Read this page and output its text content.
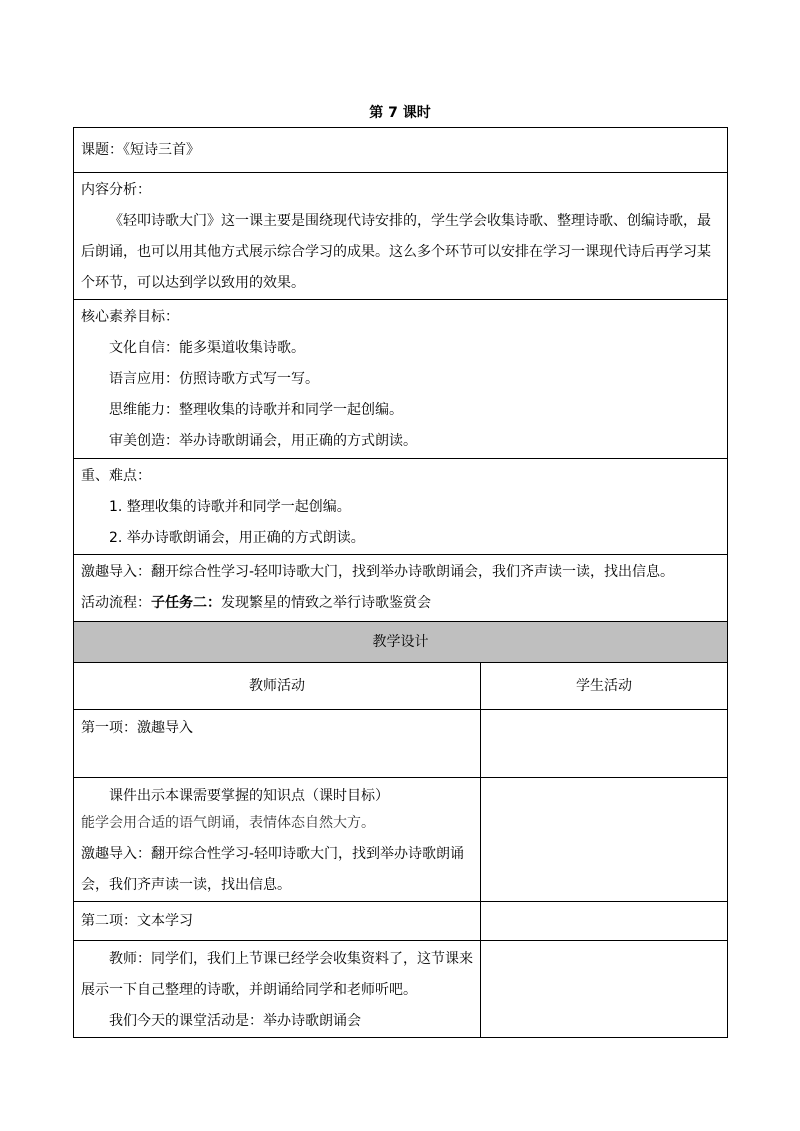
第 7 课时
课题：《短诗三首》	

内容分析：

《轻叩诗歌大门》这一课主要是围绕现代诗安排的，学生学会收集诗歌、整理诗歌、创编诗歌，最后朗诵，也可以用其他方式展示综合学习的成果。这么多个环节可以安排在学习一课现代诗后再学习某个环节，可以达到学以致用的效果。	

核心素养目标：

文化自信：能多渠道收集诗歌。

语言应用：仿照诗歌方式写一写。

思维能力：整理收集的诗歌并和同学一起创编。

审美创造：举办诗歌朗诵会，用正确的方式朗读。	

重、难点：

1. 整理收集的诗歌并和同学一起创编。

2. 举办诗歌朗诵会，用正确的方式朗读。	

激趣导入：翻开综合性学习-轻叩诗歌大门，找到举办诗歌朗诵会，我们齐声读一读，找出信息。

活动流程：子任务二：发现繁星的情致之举行诗歌鉴赏会	

教学设计	
教师活动	学生活动

第一项：激趣导入	

课件出示本课需要掌握的知识点（课时目标）

能学会用合适的语气朗诵，表情体态自然大方。

激趣导入：翻开综合性学习-轻叩诗歌大门，找到举办诗歌朗诵会，我们齐声读一读，找出信息。	

第二项：文本学习	

教师：同学们，我们上节课已经学会收集资料了，这节课来展示一下自己整理的诗歌，并朗诵给同学和老师听吧。

我们今天的课堂活动是：举办诗歌朗诵会	
